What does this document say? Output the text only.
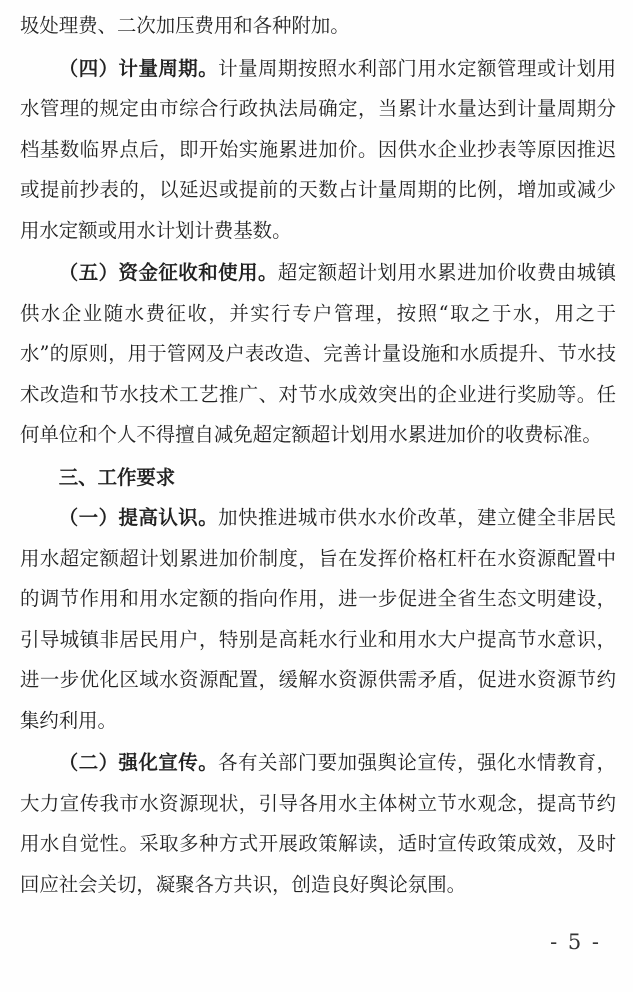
圾处理费、二次加压费用和各种附加。

（四）计量周期。计量周期按照水利部门用水定额管理或计划用水管理的规定由市综合行政执法局确定，当累计水量达到计量周期分档基数临界点后，即开始实施累进加价。因供水企业抄表等原因推迟或提前抄表的，以延迟或提前的天数占计量周期的比例，增加或减少用水定额或用水计划计费基数。

（五）资金征收和使用。超定额超计划用水累进加价收费由城镇供水企业随水费征收，并实行专户管理，按照“取之于水，用之于水”的原则，用于管网及户表改造、完善计量设施和水质提升、节水技术改造和节水技术工艺推广、对节水成效突出的企业进行奖励等。任何单位和个人不得擅自减免超定额超计划用水累进加价的收费标准。

三、工作要求

（一）提高认识。加快推进城市供水水价改革，建立健全非居民用水超定额超计划累进加价制度，旨在发挥价格杠杆在水资源配置中的调节作用和用水定额的指向作用，进一步促进全省生态文明建设，引导城镇非居民用户，特别是高耗水行业和用水大户提高节水意识，进一步优化区域水资源配置，缓解水资源供需矛盾，促进水资源节约集约利用。

（二）强化宣传。各有关部门要加强舆论宣传，强化水情教育，大力宣传我市水资源现状，引导各用水主体树立节水观念，提高节约用水自觉性。采取多种方式开展政策解读，适时宣传政策成效，及时回应社会关切，凝聚各方共识，创造良好舆论氛围。

- 5 -
